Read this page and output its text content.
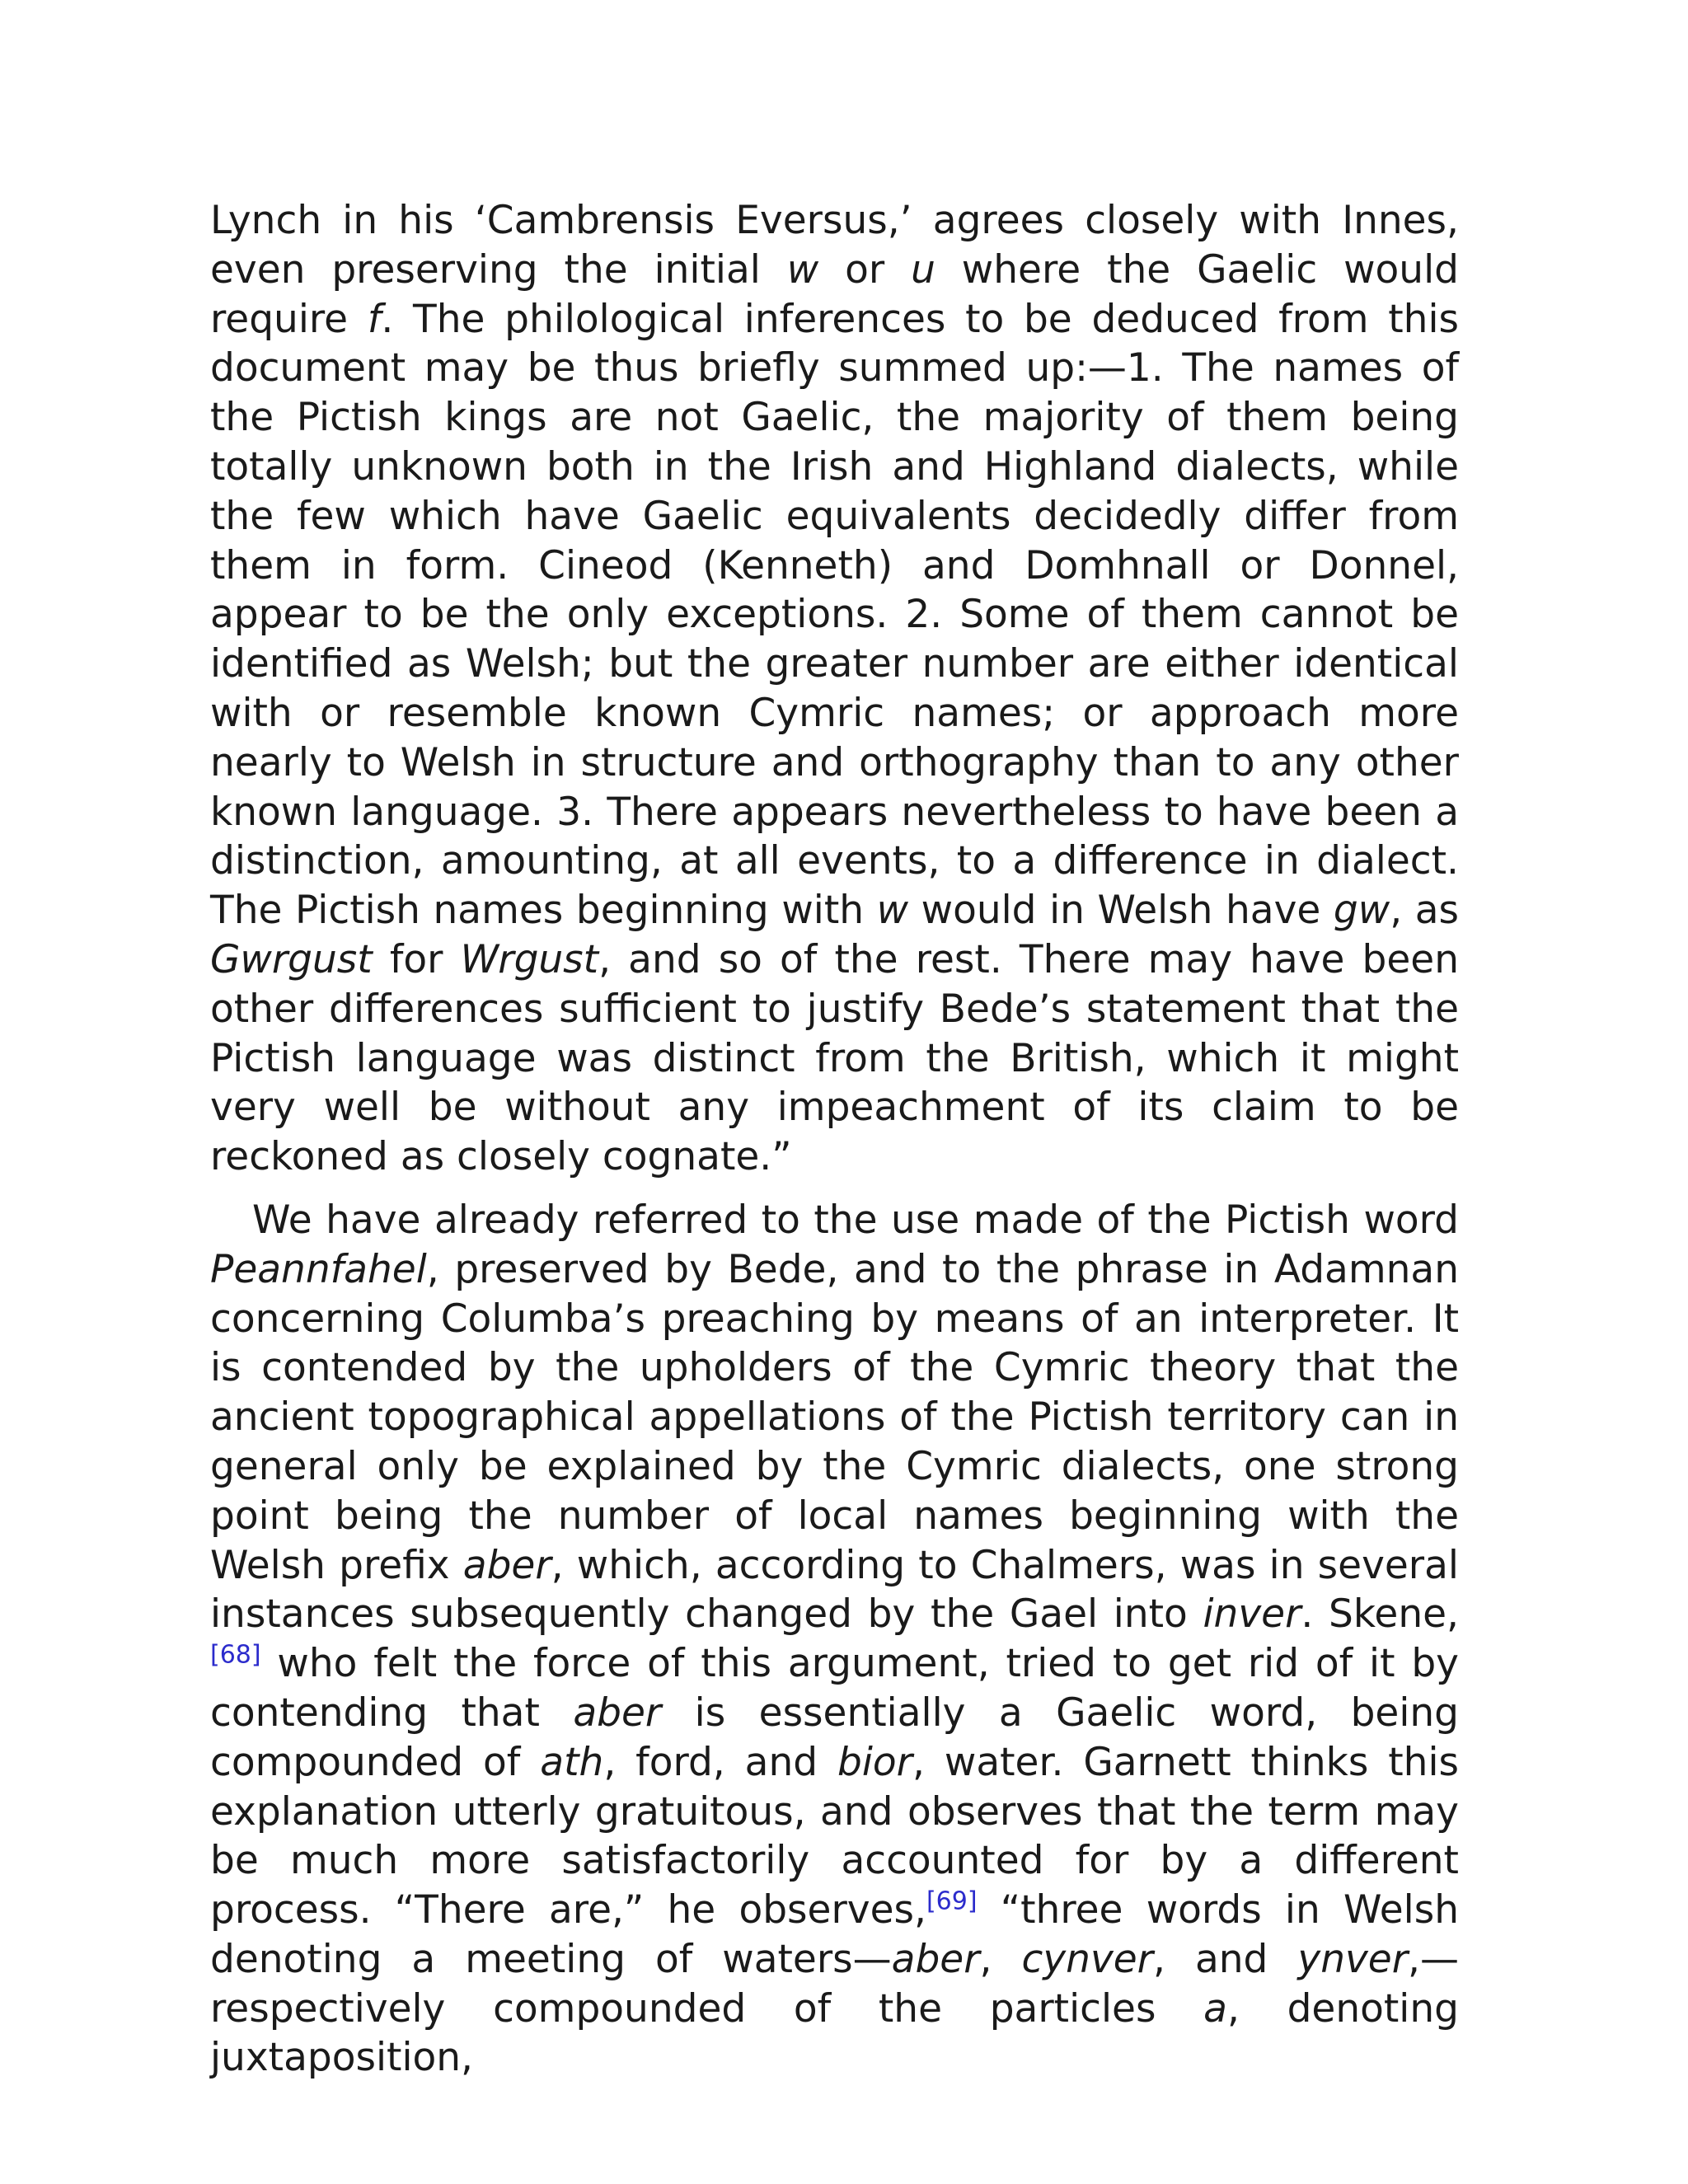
Lynch in his ‘Cambrensis Eversus,’ agrees closely with Innes, even preserving the initial w or u where the Gaelic would require f. The philological inferences to be deduced from this document may be thus briefly summed up:—1. The names of the Pictish kings are not Gaelic, the majority of them being totally unknown both in the Irish and Highland dialects, while the few which have Gaelic equivalents decidedly differ from them in form. Cineod (Kenneth) and Domhnall or Donnel, appear to be the only exceptions. 2. Some of them cannot be identified as Welsh; but the greater number are either identical with or resemble known Cymric names; or approach more nearly to Welsh in structure and orthography than to any other known language. 3. There appears nevertheless to have been a distinction, amounting, at all events, to a difference in dialect. The Pictish names beginning with w would in Welsh have gw, as Gwrgust for Wrgust, and so of the rest. There may have been other differences sufficient to justify Bede’s statement that the Pictish language was distinct from the British, which it might very well be without any impeachment of its claim to be reckoned as closely cognate.”

We have already referred to the use made of the Pictish word Peannfahel, preserved by Bede, and to the phrase in Adamnan concerning Columba’s preaching by means of an interpreter. It is contended by the upholders of the Cymric theory that the ancient topographical appellations of the Pictish territory can in general only be explained by the Cymric dialects, one strong point being the number of local names beginning with the Welsh prefix aber, which, according to Chalmers, was in several instances subsequently changed by the Gael into inver. Skene,[68] who felt the force of this argument, tried to get rid of it by contending that aber is essentially a Gaelic word, being compounded of ath, ford, and bior, water. Garnett thinks this explanation utterly gratuitous, and observes that the term may be much more satisfactorily accounted for by a different process. “There are,” he observes,[69] “three words in Welsh denoting a meeting of waters—aber, cynver, and ynver,—respectively compounded of the particles a, denoting juxtaposition,
